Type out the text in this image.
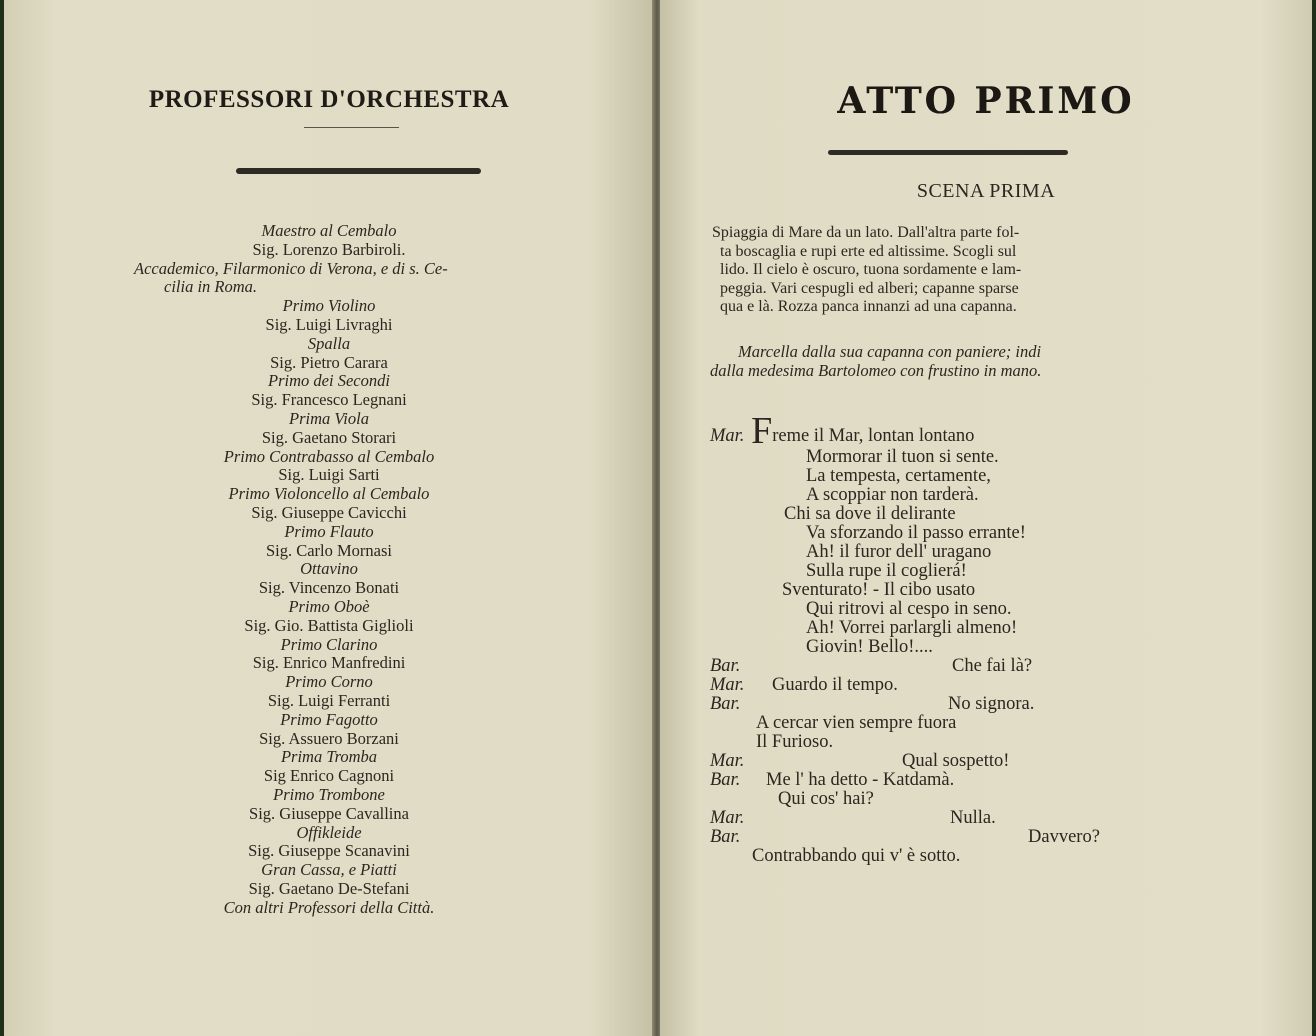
PROFESSORI D'ORCHESTRA
Maestro al Cembalo
Sig. Lorenzo Barbiroli.
Accademico, Filarmonico di Verona, e di s. Ce-
cilia in Roma.
Primo Violino
Sig. Luigi Livraghi
Spalla
Sig. Pietro Carara
Primo dei Secondi
Sig. Francesco Legnani
Prima Viola
Sig. Gaetano Storari
Primo Contrabasso al Cembalo
Sig. Luigi Sarti
Primo Violoncello al Cembalo
Sig. Giuseppe Cavicchi
Primo Flauto
Sig. Carlo Mornasi
Ottavino
Sig. Vincenzo Bonati
Primo Oboè
Sig. Gio. Battista Giglioli
Primo Clarino
Sig. Enrico Manfredini
Primo Corno
Sig. Luigi Ferranti
Primo Fagotto
Sig. Assuero Borzani
Prima Tromba
Sig Enrico Cagnoni
Primo Trombone
Sig. Giuseppe Cavallina
Offikleide
Sig. Giuseppe Scanavini
Gran Cassa, e Piatti
Sig. Gaetano De-Stefani
Con altri Professori della Città.
ATTO PRIMO
SCENA PRIMA
Spiaggia di Mare da un lato. Dall'altra parte fol-
ta boscaglia e rupi erte ed altissime. Scogli sul
lido. Il cielo è oscuro, tuona sordamente e lam-
peggia. Vari cespugli ed alberi; capanne sparse
qua e là. Rozza panca innanzi ad una capanna.
Marcella dalla sua capanna con paniere; indi
dalla medesima Bartolomeo con frustino in mano.
Mar. Freme il Mar, lontan lontano
Mormorar il tuon si sente.
La tempesta, certamente,
A scoppiar non tarderà.
Chi sa dove il delirante
Va sforzando il passo errante!
Ah! il furor dell' uragano
Sulla rupe il coglierá!
Sventurato! - Il cibo usato
Qui ritrovi al cespo in seno.
Ah! Vorrei parlargli almeno!
Giovin! Bello!....
Bar.	Che fai là?
Mar. Guardo il tempo.
Bar.	No signora.
A cercar vien sempre fuora
Il Furioso.
Mar.	Qual sospetto!
Bar. Me l' ha detto - Katdamà.
Qui cos' hai?
Mar.	Nulla.
Bar.	Davvero?
Contrabbando qui v' è sotto.
